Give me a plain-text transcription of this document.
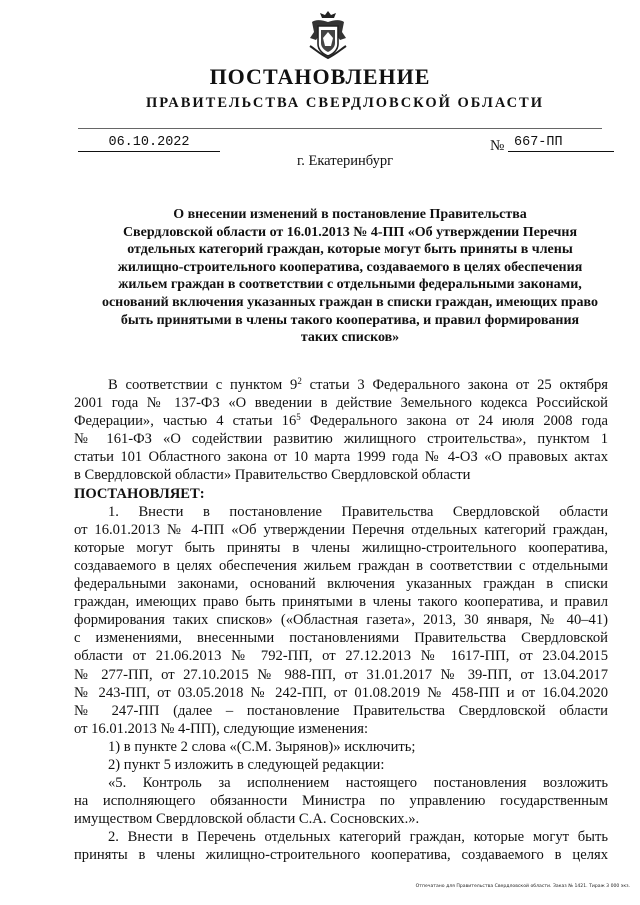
ПОСТАНОВЛЕНИЕ
ПРАВИТЕЛЬСТВА СВЕРДЛОВСКОЙ ОБЛАСТИ
06.10.2022	№ 667-ПП
г. Екатеринбург
О внесении изменений в постановление Правительства
Свердловской области от 16.01.2013 № 4-ПП «Об утверждении Перечня
отдельных категорий граждан, которые могут быть приняты в члены
жилищно-строительного кооператива, создаваемого в целях обеспечения
жильем граждан в соответствии с отдельными федеральными законами,
оснований включения указанных граждан в списки граждан, имеющих право
быть принятыми в члены такого кооператива, и правил формирования
таких списков»
В соответствии с пунктом $9^2$ статьи 3 Федерального закона от 25 октября
2001 года № 137-ФЗ «О введении в действие Земельного кодекса Российской
Федерации», частью 4 статьи $16^5$ Федерального закона от 24 июля 2008 года
№ 161-ФЗ «О содействии развитию жилищного строительства», пунктом 1
статьи 101 Областного закона от 10 марта 1999 года № 4-ОЗ «О правовых актах
в Свердловской области» Правительство Свердловской области
ПОСТАНОВЛЯЕТ:
1. Внести в постановление Правительства Свердловской области
от 16.01.2013 № 4-ПП «Об утверждении Перечня отдельных категорий граждан,
которые могут быть приняты в члены жилищно-строительного кооператива,
создаваемого в целях обеспечения жильем граждан в соответствии с отдельными
федеральными законами, оснований включения указанных граждан в списки
граждан, имеющих право быть принятыми в члены такого кооператива, и правил
формирования таких списков» («Областная газета», 2013, 30 января, № 40–41)
с изменениями, внесенными постановлениями Правительства Свердловской
области от 21.06.2013 № 792-ПП, от 27.12.2013 № 1617-ПП, от 23.04.2015
№ 277-ПП, от 27.10.2015 № 988-ПП, от 31.01.2017 № 39-ПП, от 13.04.2017
№ 243-ПП, от 03.05.2018 № 242-ПП, от 01.08.2019 № 458-ПП и от 16.04.2020
№ 247-ПП (далее – постановление Правительства Свердловской области
от 16.01.2013 № 4-ПП), следующие изменения:
1) в пункте 2 слова «(С.М. Зырянов)» исключить;
2) пункт 5 изложить в следующей редакции:
«5. Контроль за исполнением настоящего постановления возложить
на исполняющего обязанности Министра по управлению государственным
имуществом Свердловской области С.А. Сосновских.».
2. Внести в Перечень отдельных категорий граждан, которые могут быть
приняты в члены жилищно-строительного кооператива, создаваемого в целях
Отпечатано для Правительства Свердловской области. Заказ № 1421. Тираж 3 000 экз.
